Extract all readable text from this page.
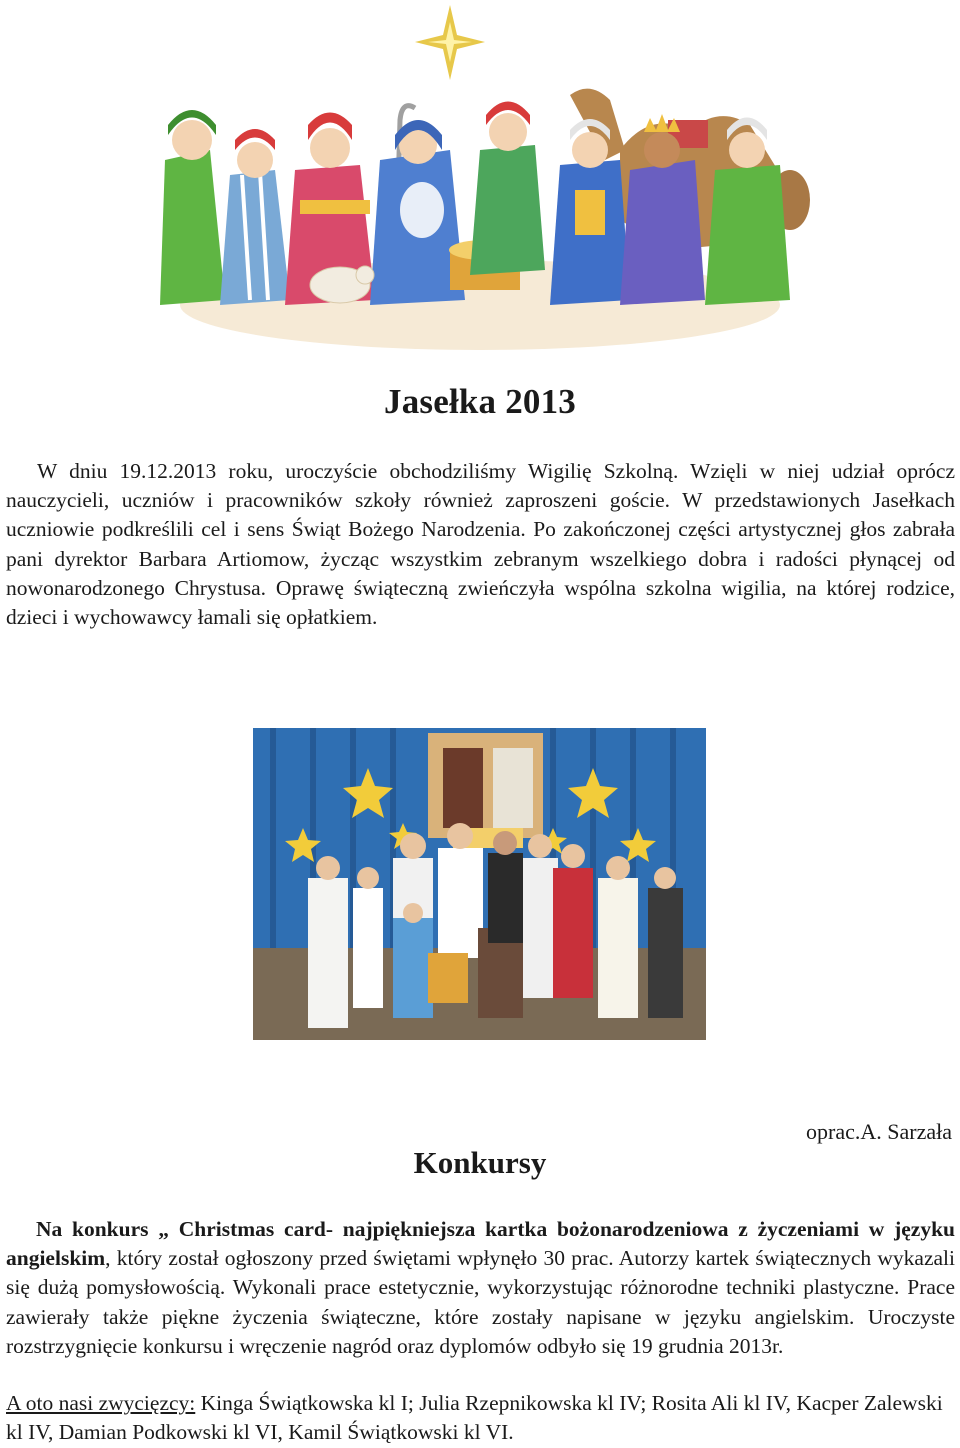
Jasełka 2013

W dniu 19.12.2013 roku, uroczyście obchodziliśmy Wigilię Szkolną. Wzięli w niej udział oprócz nauczycieli, uczniów i pracowników szkoły również zaproszeni goście. W przedstawionych Jasełkach uczniowie podkreślili cel i sens Świąt Bożego Narodzenia. Po zakończonej części artystycznej głos zabrała pani dyrektor Barbara Artiomow, życząc wszystkim zebranym wszelkiego dobra i radości płynącej od nowonarodzonego Chrystusa. Oprawę świąteczną zwieńczyła wspólna szkolna wigilia, na której rodzice, dzieci i wychowawcy łamali się opłatkiem.

oprac.A. Sarzała

Konkursy

Na konkurs „ Christmas card- najpiękniejsza kartka bożonarodzeniowa z życzeniami w języku angielskim, który został ogłoszony przed świętami wpłynęło 30 prac. Autorzy kartek świątecznych wykazali się dużą pomysłowością. Wykonali prace estetycznie, wykorzystując różnorodne techniki plastyczne. Prace zawierały także piękne życzenia świąteczne, które zostały napisane w języku angielskim. Uroczyste rozstrzygnięcie konkursu i wręczenie nagród oraz dyplomów odbyło się 19 grudnia 2013r.

A oto nasi zwycięzcy: Kinga Świątkowska kl I; Julia Rzepnikowska kl IV; Rosita Ali kl IV, Kacper Zalewski kl IV, Damian Podkowski kl VI, Kamil Świątkowski kl VI.
